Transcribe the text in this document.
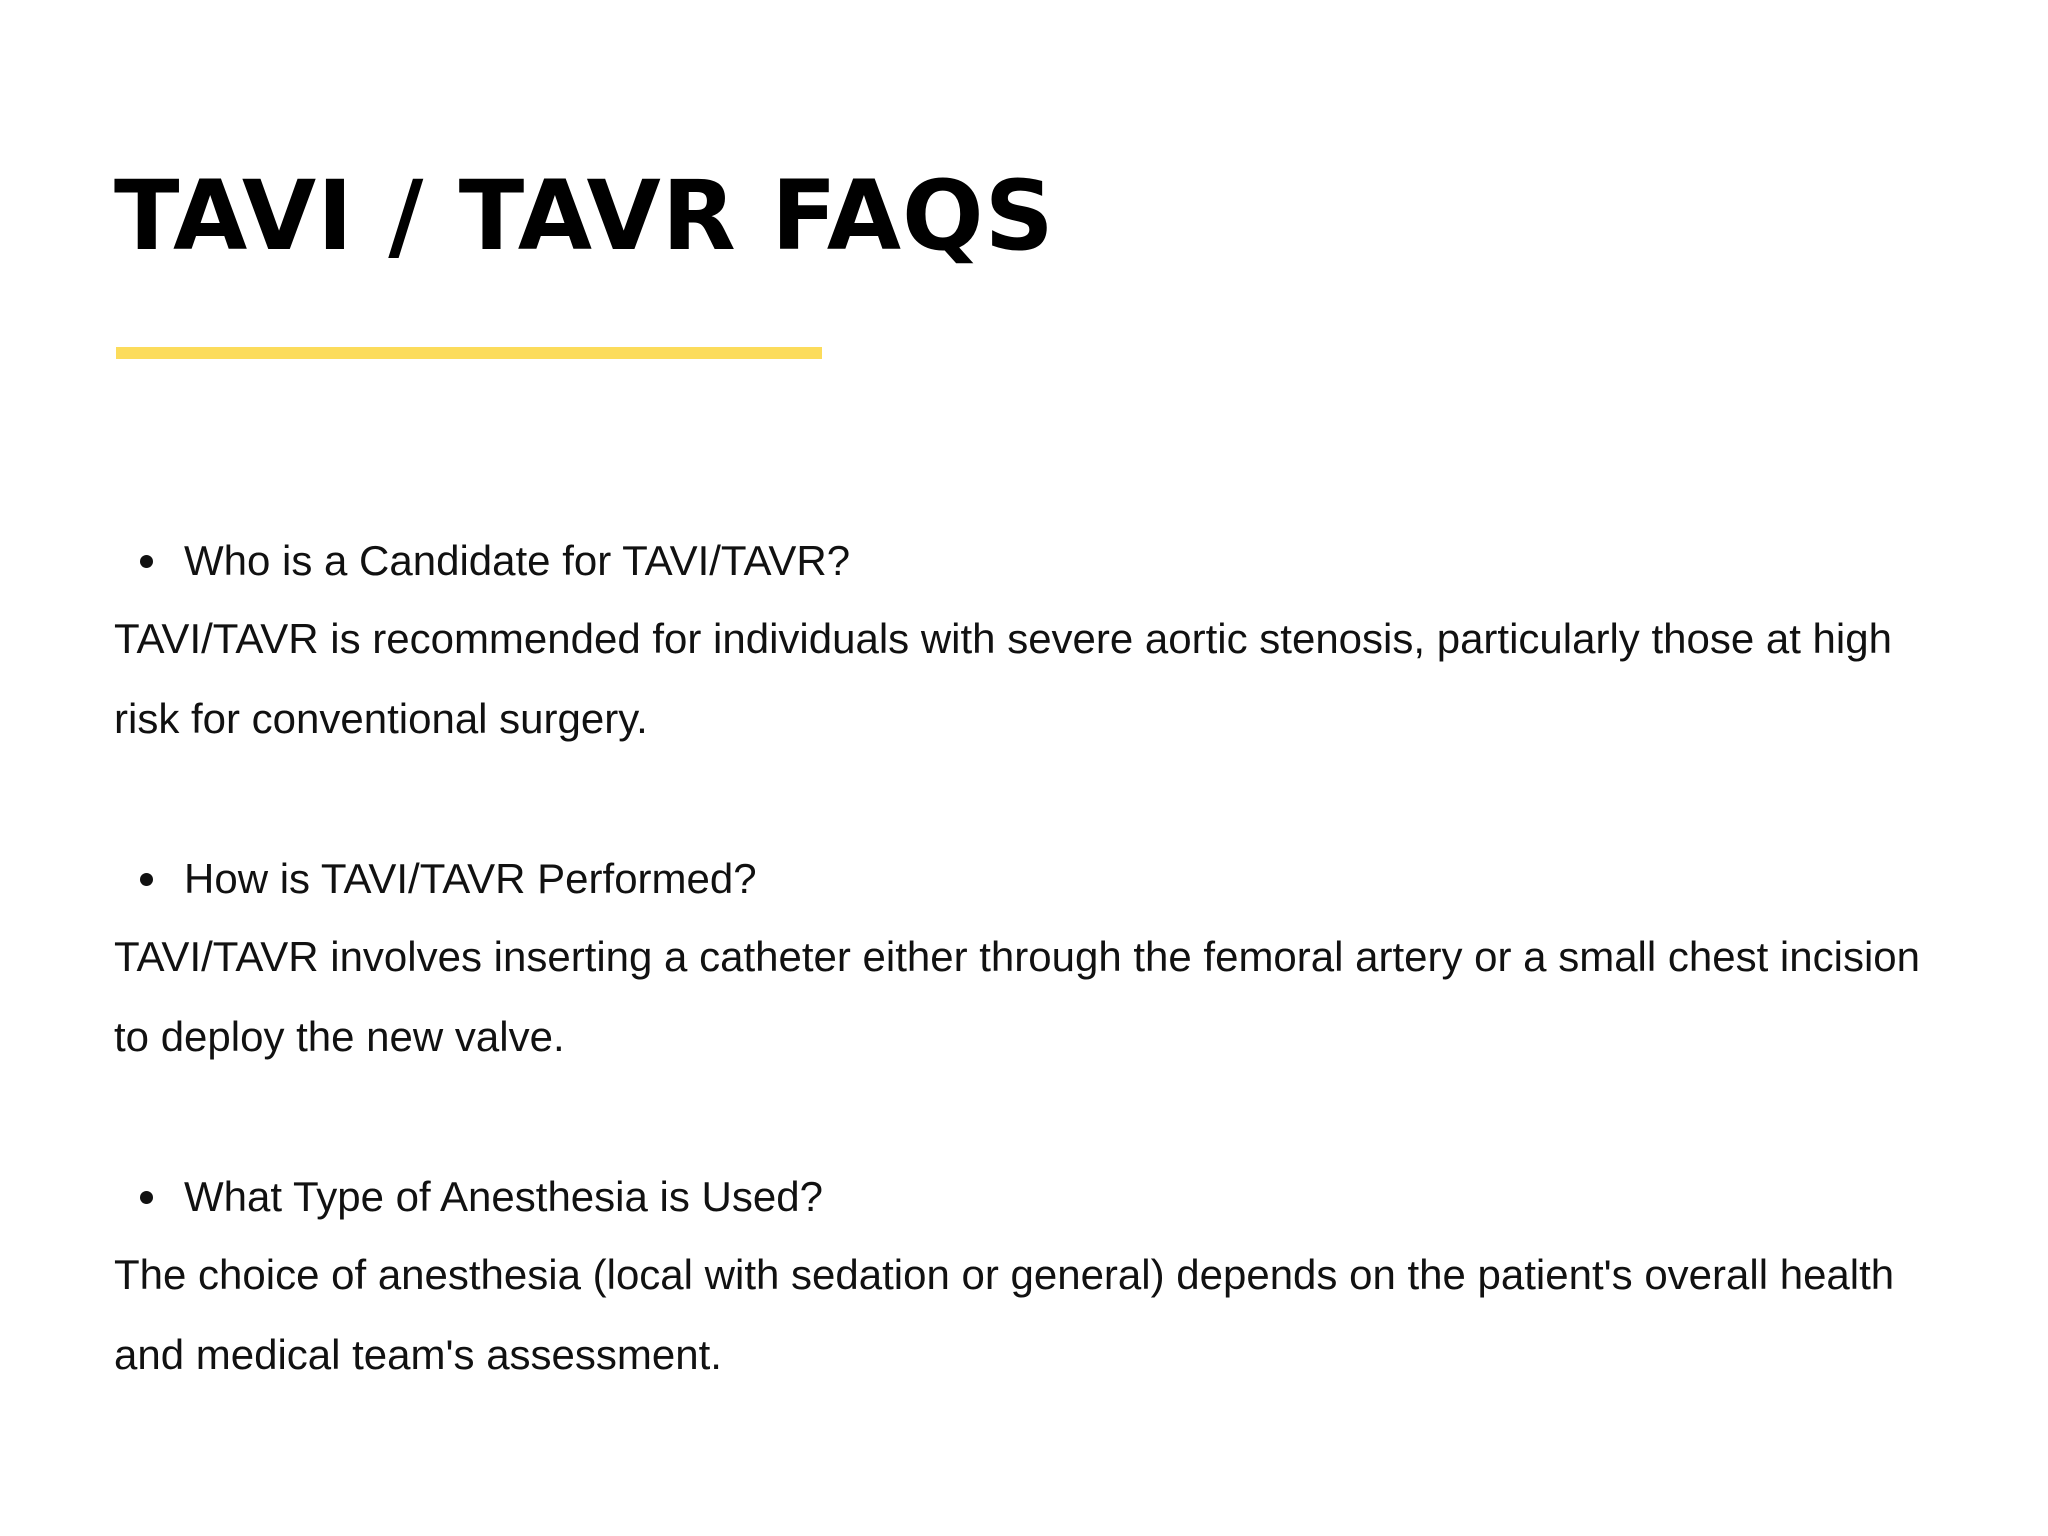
TAVI / TAVR FAQS
Who is a Candidate for TAVI/TAVR?

TAVI/TAVR is recommended for individuals with severe aortic stenosis, particularly those at high risk for conventional surgery.

How is TAVI/TAVR Performed?

TAVI/TAVR involves inserting a catheter either through the femoral artery or a small chest incision to deploy the new valve.

What Type of Anesthesia is Used?

The choice of anesthesia (local with sedation or general) depends on the patient's overall health and medical team's assessment.
